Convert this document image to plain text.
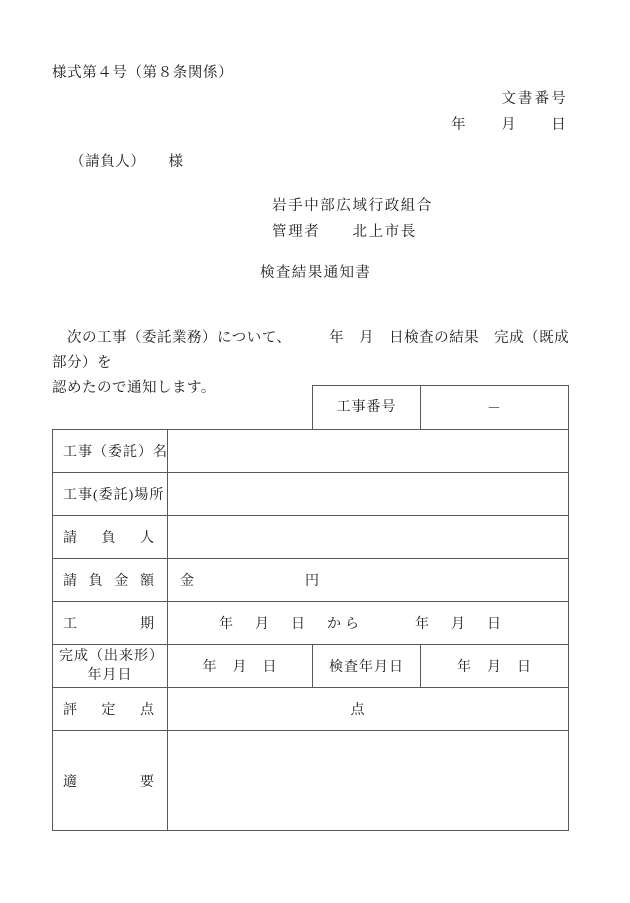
様式第４号（第８条関係）
文書番号
年　　月　　日
（請負人）　　様
岩手中部広域行政組合
管理者　　北上市長
検査結果通知書
次の工事（委託業務）について、　　　年　月　日検査の結果　完成（既成部分）を
認めたので通知します。
		工事番号	－
工事（委託）名			
工事(委託)場所			
請負人			
請負金額	金 円		
工期	年　月　日　から 年　月　日		

完成（出来形）
年月日	年　月　日	検査年月日	年　月　日
評定点	点		

適要			
